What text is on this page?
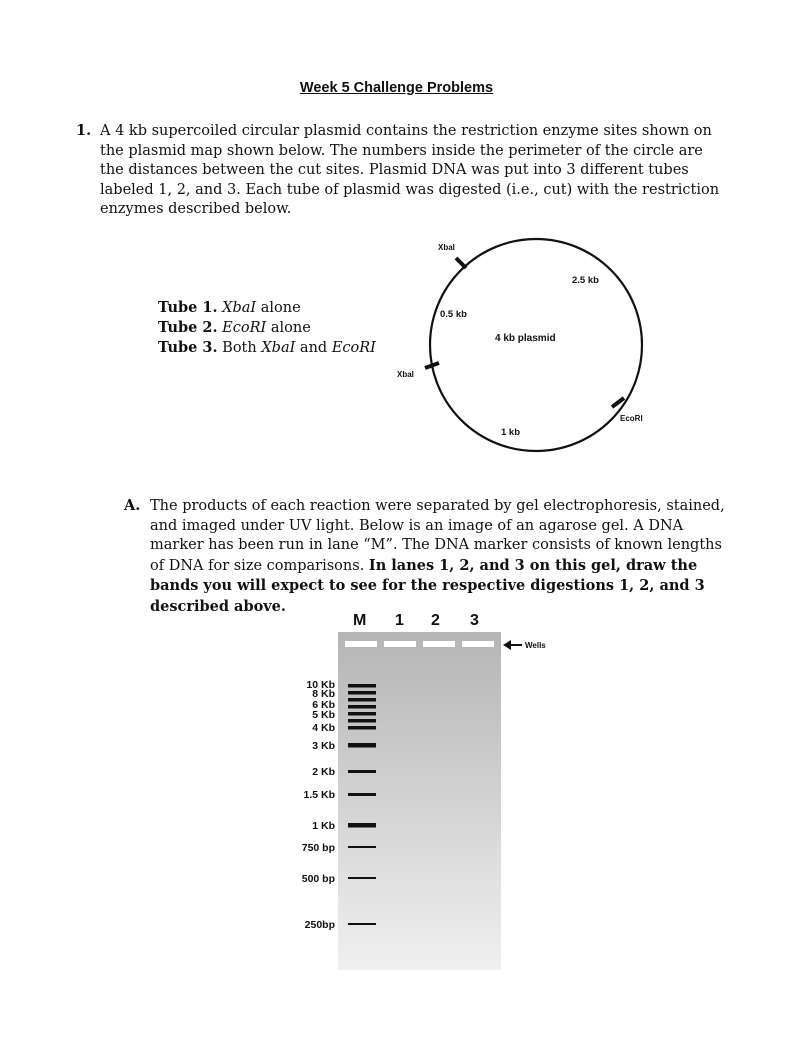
Week 5 Challenge Problems
1. A 4 kb supercoiled circular plasmid contains the restriction enzyme sites shown on the plasmid map shown below. The numbers inside the perimeter of the circle are the distances between the cut sites. Plasmid DNA was put into 3 different tubes labeled 1, 2, and 3. Each tube of plasmid was digested (i.e., cut) with the restriction enzymes described below.
Tube 1. XbaI alone
Tube 2. EcoRI alone
Tube 3. Both XbaI and EcoRI
XbaI
XbaI
EcoRI
0.5 kb
2.5 kb
1 kb
4 kb plasmid
A. The products of each reaction were separated by gel electrophoresis, stained, and imaged under UV light. Below is an image of an agarose gel. A DNA marker has been run in lane “M”. The DNA marker consists of known lengths of DNA for size comparisons. In lanes 1, 2, and 3 on this gel, draw the bands you will expect to see for the respective digestions 1, 2, and 3 described above.
M 1 2 3
Wells
10 Kb
8 Kb
6 Kb
5 Kb
4 Kb
3 Kb
2 Kb
1.5 Kb
1 Kb
750 bp
500 bp
250bp
